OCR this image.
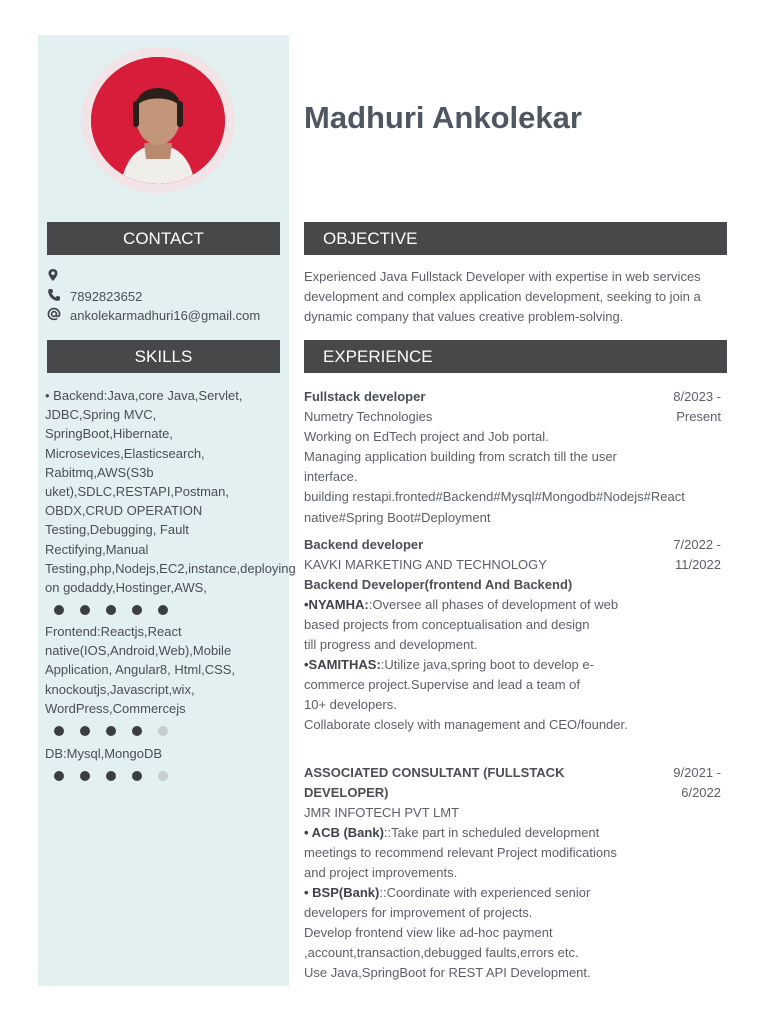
Madhuri Ankolekar
CONTACT	OBJECTIVE
SKILLS	EXPERIENCE
7892823652
ankolekarmadhuri16@gmail.com
• Backend:Java,core Java,Servlet,
JDBC,Spring MVC,
SpringBoot,Hibernate,
Microsevices,Elasticsearch,
Rabitmq,AWS(S3b
uket),SDLC,RESTAPI,Postman,
OBDX,CRUD OPERATION
Testing,Debugging, Fault
Rectifying,Manual
Testing,php,Nodejs,EC2,instance,deploying
on godaddy,Hostinger,AWS,
Frontend:Reactjs,React
native(IOS,Android,Web),Mobile
Application, Angular8, Html,CSS,
knockoutjs,Javascript,wix,
WordPress,Commercejs
DB:Mysql,MongoDB
Experienced Java Fullstack Developer with expertise in web services
development and complex application development, seeking to join a
dynamic company that values creative problem-solving.
Fullstack developer	8/2023 -
Present
Numetry Technologies
Working on EdTech project and Job portal.
Managing application building from scratch till the user
interface.
building restapi.fronted#Backend#Mysql#Mongodb#Nodejs#React
native#Spring Boot#Deployment
Backend developer	7/2022 -
11/2022
KAVKI MARKETING AND TECHNOLOGY
Backend Developer(frontend And Backend)
•NYAMHA::Oversee all phases of development of web
based projects from conceptualisation and design
till progress and development.
•SAMITHAS::Utilize java,spring boot to develop e-
commerce project.Supervise and lead a team of
10+ developers.
Collaborate closely with management and CEO/founder.
ASSOCIATED CONSULTANT (FULLSTACK
DEVELOPER)
9/2021 -
6/2022
JMR INFOTECH PVT LMT
• ACB (Bank)::Take part in scheduled development
meetings to recommend relevant Project modifications
and project improvements.
• BSP(Bank)::Coordinate with experienced senior
developers for improvement of projects.
Develop frontend view like ad-hoc payment
,account,transaction,debugged faults,errors etc.
Use Java,SpringBoot for REST API Development.
